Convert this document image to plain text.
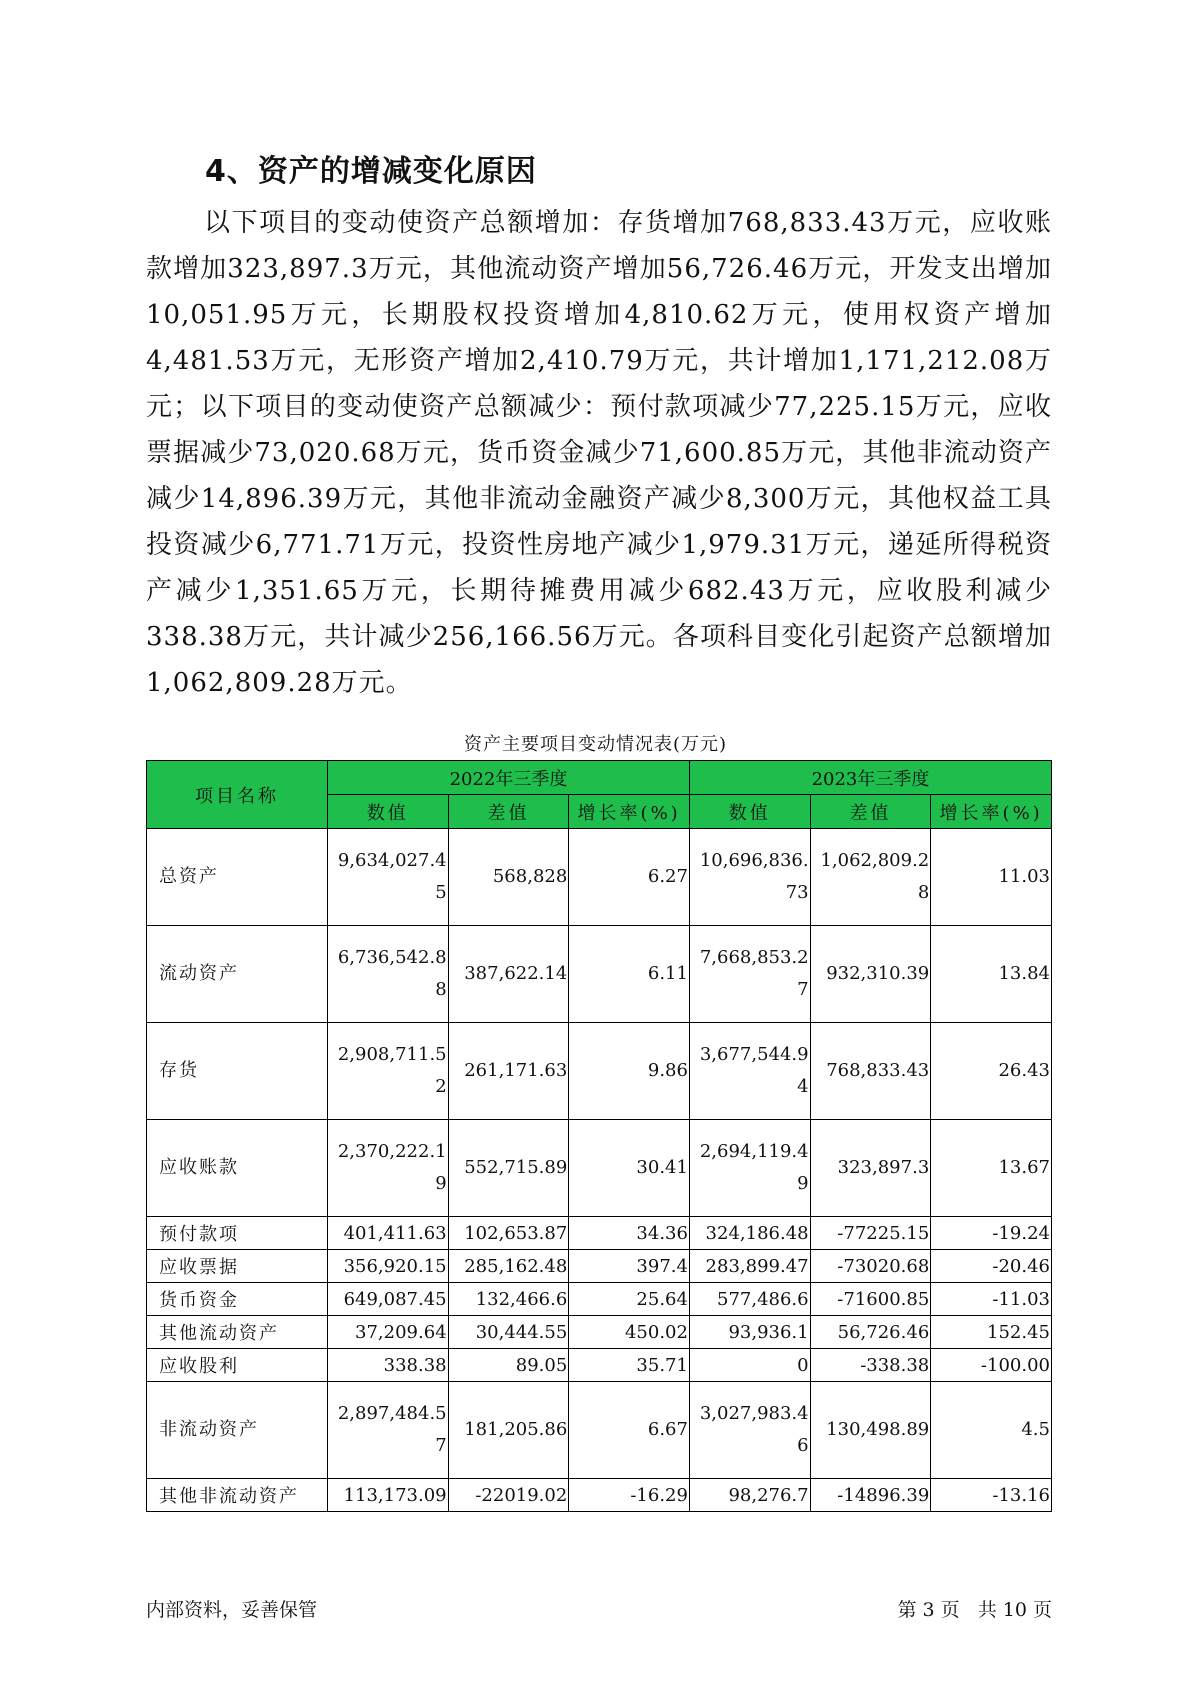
4、资产的增减变化原因

以下项目的变动使资产总额增加：存货增加768,833.43万元，应收账款增加323,897.3万元，其他流动资产增加56,726.46万元，开发支出增加10,051.95万元，长期股权投资增加4,810.62万元，使用权资产增加4,481.53万元，无形资产增加2,410.79万元，共计增加1,171,212.08万元；以下项目的变动使资产总额减少：预付款项减少77,225.15万元，应收票据减少73,020.68万元，货币资金减少71,600.85万元，其他非流动资产减少14,896.39万元，其他非流动金融资产减少8,300万元，其他权益工具投资减少6,771.71万元，投资性房地产减少1,979.31万元，递延所得税资产减少1,351.65万元，长期待摊费用减少682.43万元，应收股利减少338.38万元，共计减少256,166.56万元。各项科目变化引起资产总额增加1,062,809.28万元。

资产主要项目变动情况表(万元)
项目名称	2022年三季度			2023年三季度		
	数值	差值	增长率(%)	数值	差值	增长率(%)
总资产	9,634,027.45	568,828	6.27	10,696,836.73	1,062,809.28	11.03
流动资产	6,736,542.88	387,622.14	6.11	7,668,853.27	932,310.39	13.84
存货	2,908,711.52	261,171.63	9.86	3,677,544.94	768,833.43	26.43
应收账款	2,370,222.19	552,715.89	30.41	2,694,119.49	323,897.3	13.67
预付款项	401,411.63	102,653.87	34.36	324,186.48	-77225.15	-19.24
应收票据	356,920.15	285,162.48	397.4	283,899.47	-73020.68	-20.46
货币资金	649,087.45	132,466.6	25.64	577,486.6	-71600.85	-11.03
其他流动资产	37,209.64	30,444.55	450.02	93,936.1	56,726.46	152.45
应收股利	338.38	89.05	35.71	0	-338.38	-100.00
非流动资产	2,897,484.57	181,205.86	6.67	3,027,983.46	130,498.89	4.5
其他非流动资产	113,173.09	-22019.02	-16.29	98,276.7	-14896.39	-13.16
内部资料，妥善保管	第 3 页   共 10 页
